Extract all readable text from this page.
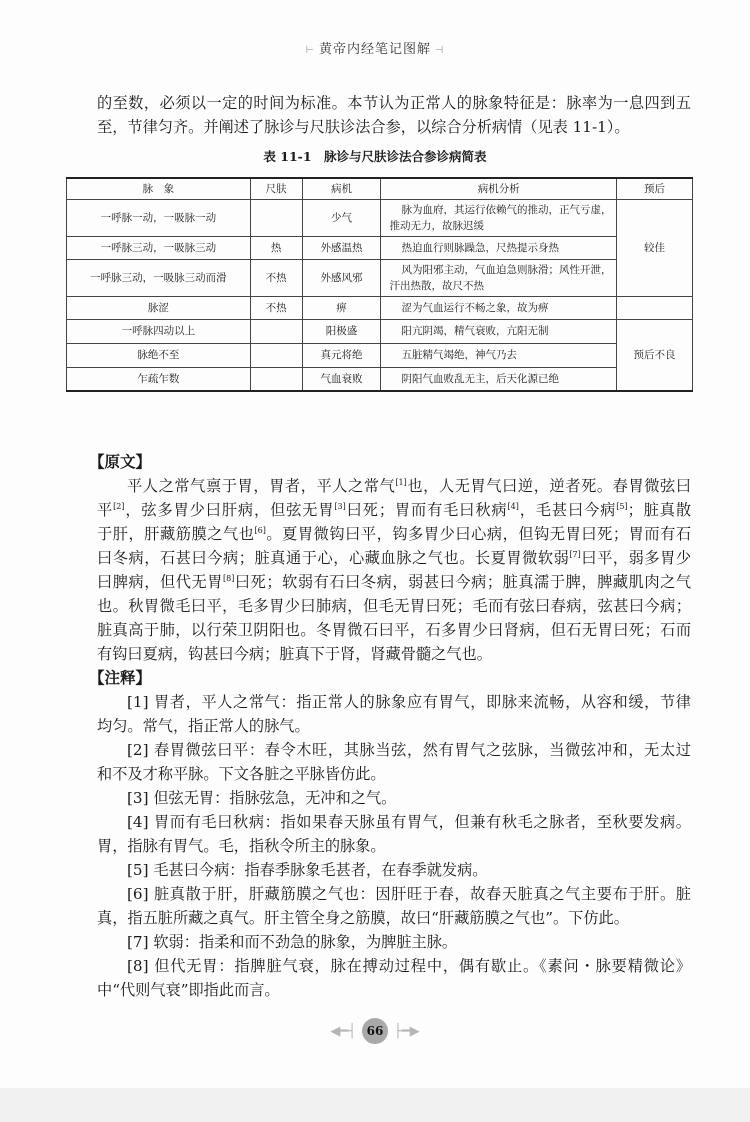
⊢ 黄帝内经笔记图解 ⊣
的至数，必须以一定的时间为标准。本节认为正常人的脉象特征是：脉率为一息四到五
至，节律匀齐。并阐述了脉诊与尺肤诊法合参，以综合分析病情（见表 11-1）。
表 11-1　脉诊与尺肤诊法合参诊病简表
脉　象	尺肤	病机	病机分析	预后
一呼脉一动，一吸脉一动		少气	脉为血府，其运行依赖气的推动，正气亏虚，推动无力，故脉迟缓	较佳
一呼脉三动，一吸脉三动	热	外感温热	热迫血行则脉躁急，尺热提示身热	

一呼脉三动，一吸脉三动而滑	不热	外感风邪	风为阳邪主动，气血迫急则脉滑；风性开泄，汗出热散，故尺不热	

脉涩	不热	痹	涩为气血运行不畅之象，故为痹	

一呼脉四动以上		阳极盛	阳亢阴竭，精气衰败，亢阳无制	预后不良
脉绝不至		真元将绝	五脏精气竭绝，神气乃去	

乍疏乍数		气血衰败	阴阳气血败乱无主，后天化源已绝	
【原文】
平人之常气禀于胃，胃者，平人之常气[1]也，人无胃气曰逆，逆者死。春胃微弦曰
平[2]，弦多胃少曰肝病，但弦无胃[3]曰死；胃而有毛曰秋病[4]，毛甚曰今病[5]；脏真散
于肝，肝藏筋膜之气也[6]。夏胃微钩曰平，钩多胃少曰心病，但钩无胃曰死；胃而有石
曰冬病，石甚曰今病；脏真通于心，心藏血脉之气也。长夏胃微软弱[7]曰平，弱多胃少
曰脾病，但代无胃[8]曰死；软弱有石曰冬病，弱甚曰今病；脏真濡于脾，脾藏肌肉之气
也。秋胃微毛曰平，毛多胃少曰肺病，但毛无胃曰死；毛而有弦曰春病，弦甚曰今病；
脏真高于肺，以行荣卫阴阳也。冬胃微石曰平，石多胃少曰肾病，但石无胃曰死；石而
有钩曰夏病，钩甚曰今病；脏真下于肾，肾藏骨髓之气也。
【注释】
[1] 胃者，平人之常气：指正常人的脉象应有胃气，即脉来流畅，从容和缓，节律
均匀。常气，指正常人的脉气。
[2] 春胃微弦曰平：春令木旺，其脉当弦，然有胃气之弦脉，当微弦冲和，无太过
和不及才称平脉。下文各脏之平脉皆仿此。
[3] 但弦无胃：指脉弦急，无冲和之气。
[4] 胃而有毛曰秋病：指如果春天脉虽有胃气，但兼有秋毛之脉者，至秋要发病。
胃，指脉有胃气。毛，指秋令所主的脉象。
[5] 毛甚曰今病：指春季脉象毛甚者，在春季就发病。
[6] 脏真散于肝，肝藏筋膜之气也：因肝旺于春，故春天脏真之气主要布于肝。脏
真，指五脏所藏之真气。肝主管全身之筋膜，故曰“肝藏筋膜之气也”。下仿此。
[7] 软弱：指柔和而不劲急的脉象，为脾脏主脉。
[8] 但代无胃：指脾脏气衰，脉在搏动过程中，偶有歇止。《素问・脉要精微论》
中“代则气衰”即指此而言。
◀━┤ 66 ├━▶
